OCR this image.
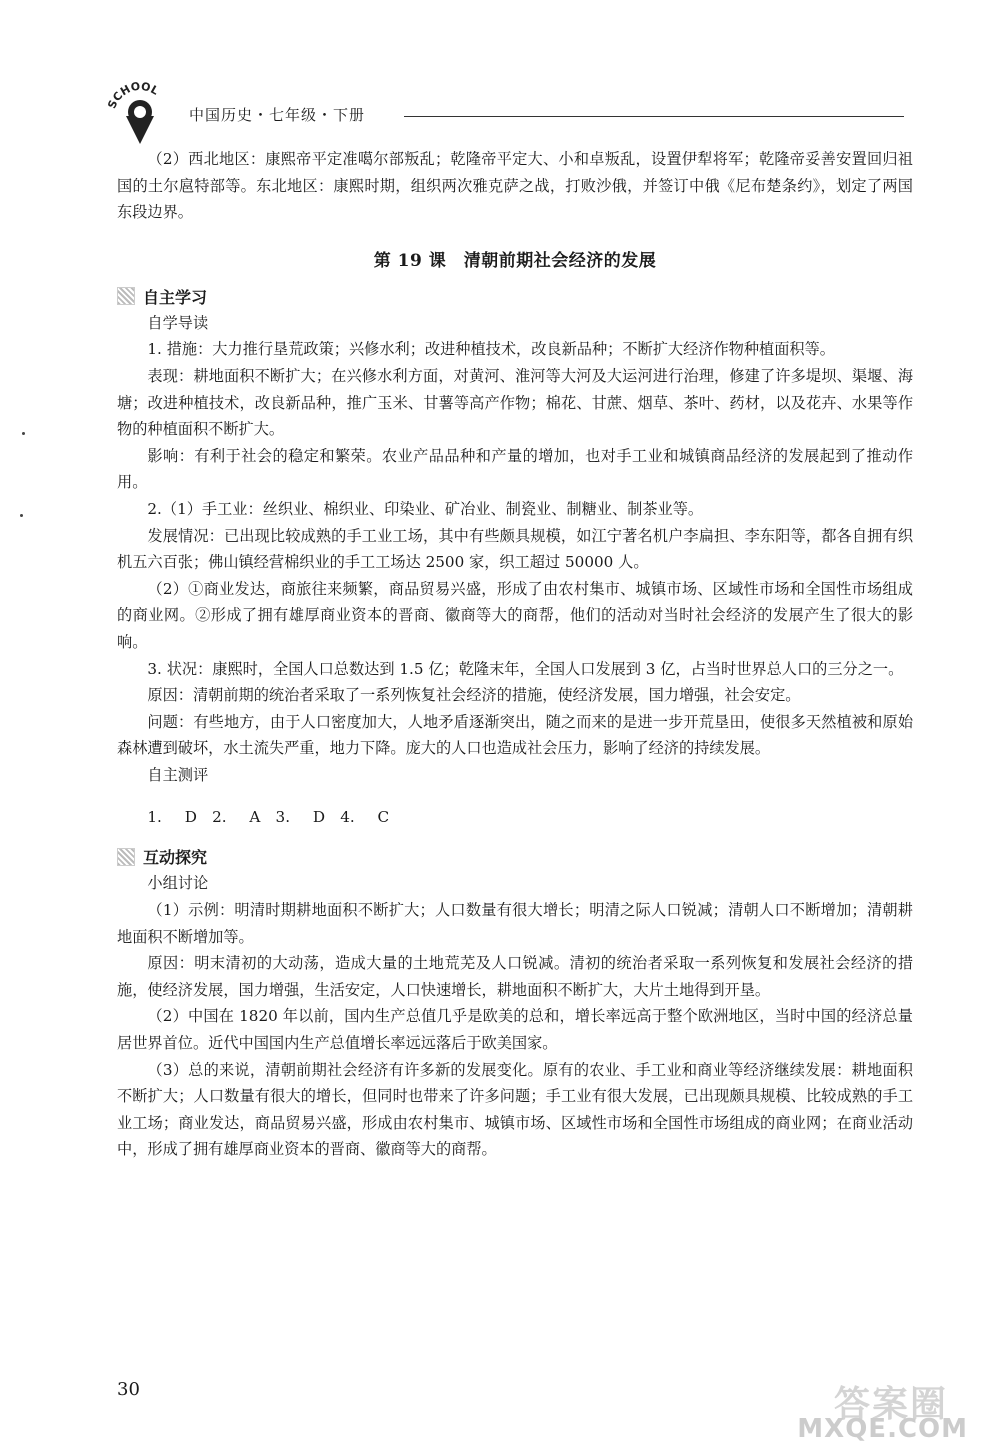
SCHOOL
中国历史・七年级・下册

（2）西北地区：康熙帝平定准噶尔部叛乱；乾隆帝平定大、小和卓叛乱，设置伊犁将军；乾隆帝妥善安置回归祖国的土尔扈特部等。东北地区：康熙时期，组织两次雅克萨之战，打败沙俄，并签订中俄《尼布楚条约》，划定了两国东段边界。

第 19 课　清朝前期社会经济的发展
自主学习

自学导读

1. 措施：大力推行垦荒政策；兴修水利；改进种植技术，改良新品种；不断扩大经济作物种植面积等。

表现：耕地面积不断扩大；在兴修水利方面，对黄河、淮河等大河及大运河进行治理，修建了许多堤坝、渠堰、海塘；改进种植技术，改良新品种，推广玉米、甘薯等高产作物；棉花、甘蔗、烟草、茶叶、药材，以及花卉、水果等作物的种植面积不断扩大。

影响：有利于社会的稳定和繁荣。农业产品品种和产量的增加，也对手工业和城镇商品经济的发展起到了推动作用。

2.（1）手工业：丝织业、棉织业、印染业、矿冶业、制瓷业、制糖业、制茶业等。

发展情况：已出现比较成熟的手工业工场，其中有些颇具规模，如江宁著名机户李扁担、李东阳等，都各自拥有织机五六百张；佛山镇经营棉织业的手工工场达 2500 家，织工超过 50000 人。

（2）①商业发达，商旅往来频繁，商品贸易兴盛，形成了由农村集市、城镇市场、区域性市场和全国性市场组成的商业网。②形成了拥有雄厚商业资本的晋商、徽商等大的商帮，他们的活动对当时社会经济的发展产生了很大的影响。

3. 状况：康熙时，全国人口总数达到 1.5 亿；乾隆末年，全国人口发展到 3 亿，占当时世界总人口的三分之一。

原因：清朝前期的统治者采取了一系列恢复社会经济的措施，使经济发展，国力增强，社会安定。

问题：有些地方，由于人口密度加大，人地矛盾逐渐突出，随之而来的是进一步开荒垦田，使很多天然植被和原始森林遭到破坏，水土流失严重，地力下降。庞大的人口也造成社会压力，影响了经济的持续发展。

自主测评

1. D　2. A　3. D　4. C

互动探究

小组讨论

（1）示例：明清时期耕地面积不断扩大；人口数量有很大增长；明清之际人口锐减；清朝人口不断增加；清朝耕地面积不断增加等。

原因：明末清初的大动荡，造成大量的土地荒芜及人口锐减。清初的统治者采取一系列恢复和发展社会经济的措施，使经济发展，国力增强，生活安定，人口快速增长，耕地面积不断扩大，大片土地得到开垦。

（2）中国在 1820 年以前，国内生产总值几乎是欧美的总和，增长率远高于整个欧洲地区，当时中国的经济总量居世界首位。近代中国国内生产总值增长率远远落后于欧美国家。

（3）总的来说，清朝前期社会经济有许多新的发展变化。原有的农业、手工业和商业等经济继续发展：耕地面积不断扩大；人口数量有很大的增长，但同时也带来了许多问题；手工业有很大发展，已出现颇具规模、比较成熟的手工业工场；商业发达，商品贸易兴盛，形成由农村集市、城镇市场、区域性市场和全国性市场组成的商业网；在商业活动中，形成了拥有雄厚商业资本的晋商、徽商等大的商帮。

30	答案圈
MXQE.COM
